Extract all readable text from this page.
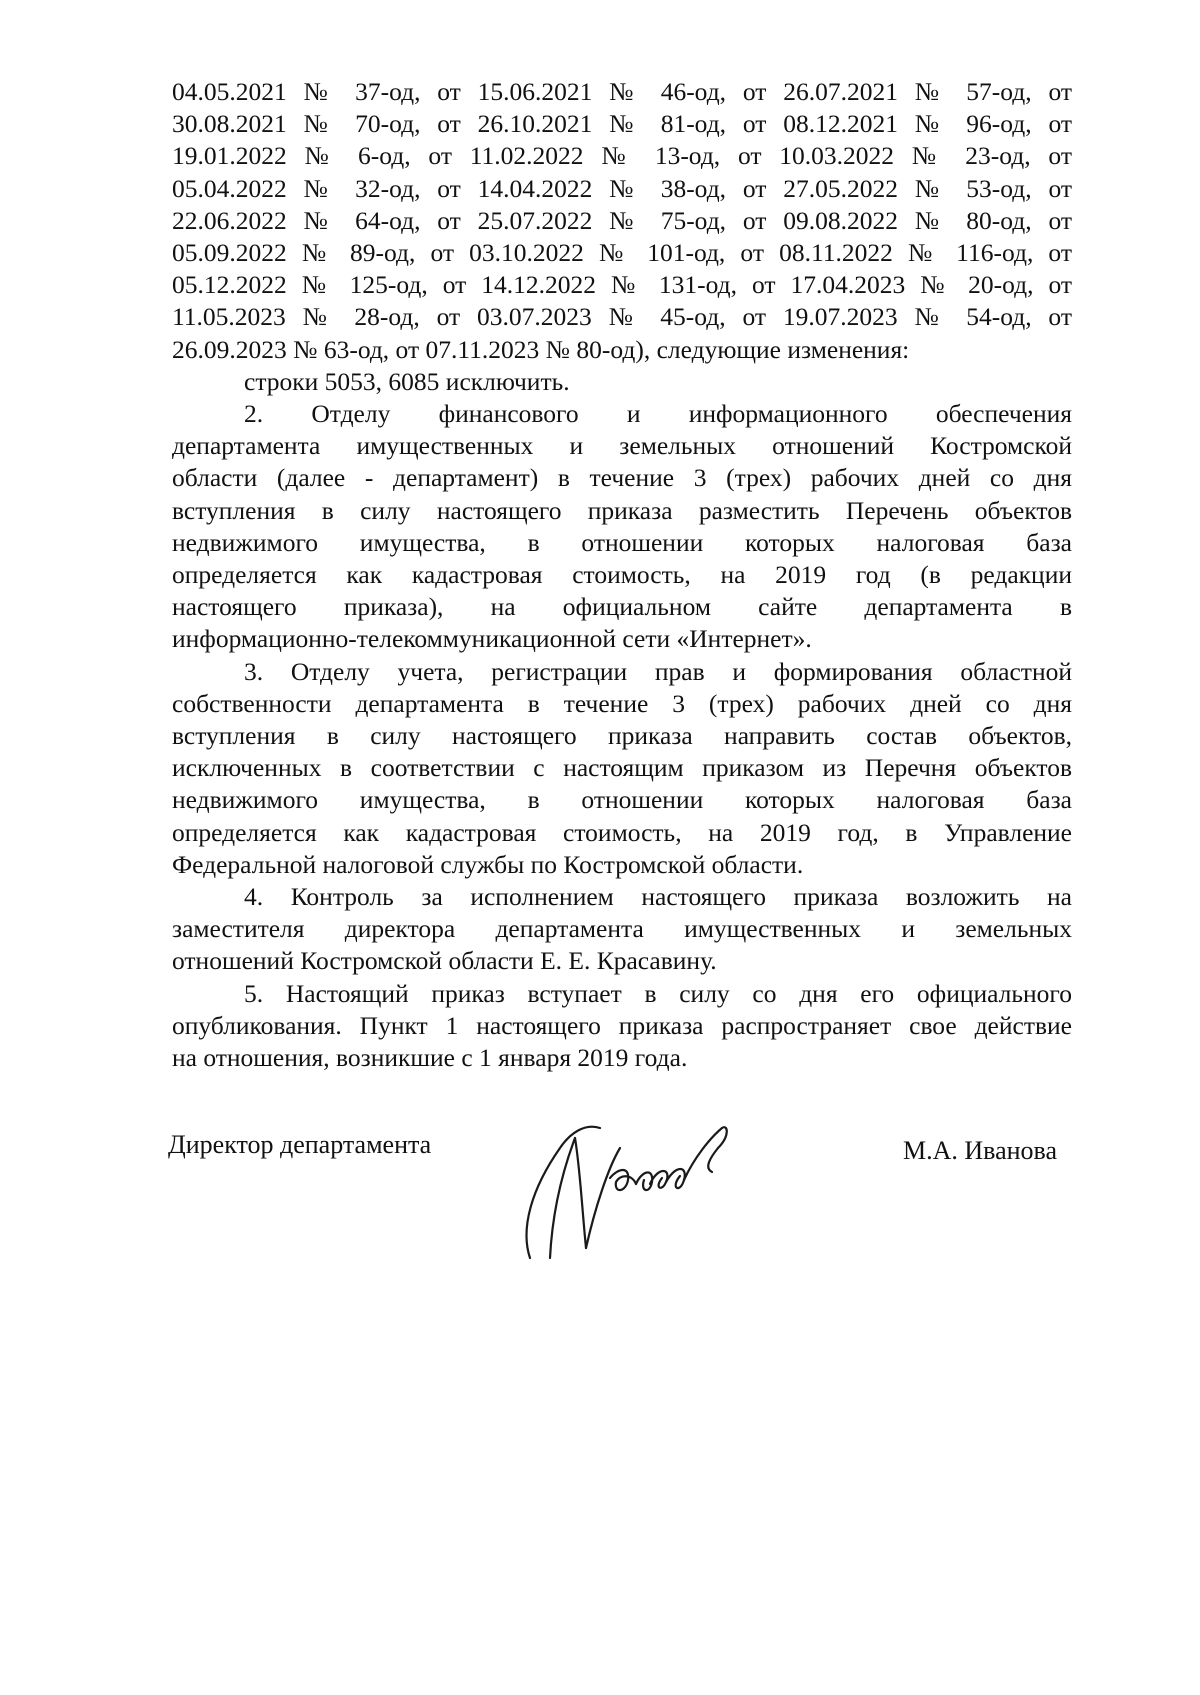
04.05.2021 № 37-од, от 15.06.2021 № 46-од, от 26.07.2021 № 57-од, от
30.08.2021 № 70-од, от 26.10.2021 № 81-од, от 08.12.2021 № 96-од, от
19.01.2022 № 6-од, от 11.02.2022 № 13-од, от 10.03.2022 № 23-од, от
05.04.2022 № 32-од, от 14.04.2022 № 38-од, от 27.05.2022 № 53-од, от
22.06.2022 № 64-од, от 25.07.2022 № 75-од, от 09.08.2022 № 80-од, от
05.09.2022 № 89-од, от 03.10.2022 № 101-од, от 08.11.2022 № 116-од, от
05.12.2022 № 125-од, от 14.12.2022 № 131-од, от 17.04.2023 № 20-од, от
11.05.2023 № 28-од, от 03.07.2023 № 45-од, от 19.07.2023 № 54-од, от
26.09.2023 № 63-од, от 07.11.2023 № 80-од), следующие изменения:
строки 5053, 6085 исключить.
2. Отделу финансового и информационного обеспечения
департамента имущественных и земельных отношений Костромской
области (далее - департамент) в течение 3 (трех) рабочих дней со дня
вступления в силу настоящего приказа разместить Перечень объектов
недвижимого имущества, в отношении которых налоговая база
определяется как кадастровая стоимость, на 2019 год (в редакции
настоящего приказа), на официальном сайте департамента в
информационно-телекоммуникационной сети «Интернет».
3. Отделу учета, регистрации прав и формирования областной
собственности департамента в течение 3 (трех) рабочих дней со дня
вступления в силу настоящего приказа направить состав объектов,
исключенных в соответствии с настоящим приказом из Перечня объектов
недвижимого имущества, в отношении которых налоговая база
определяется как кадастровая стоимость, на 2019 год, в Управление
Федеральной налоговой службы по Костромской области.
4. Контроль за исполнением настоящего приказа возложить на
заместителя директора департамента имущественных и земельных
отношений Костромской области Е. Е. Красавину.
5. Настоящий приказ вступает в силу со дня его официального
опубликования. Пункт 1 настоящего приказа распространяет свое действие
на отношения, возникшие с 1 января 2019 года.
Директор департамента	М.А. Иванова
